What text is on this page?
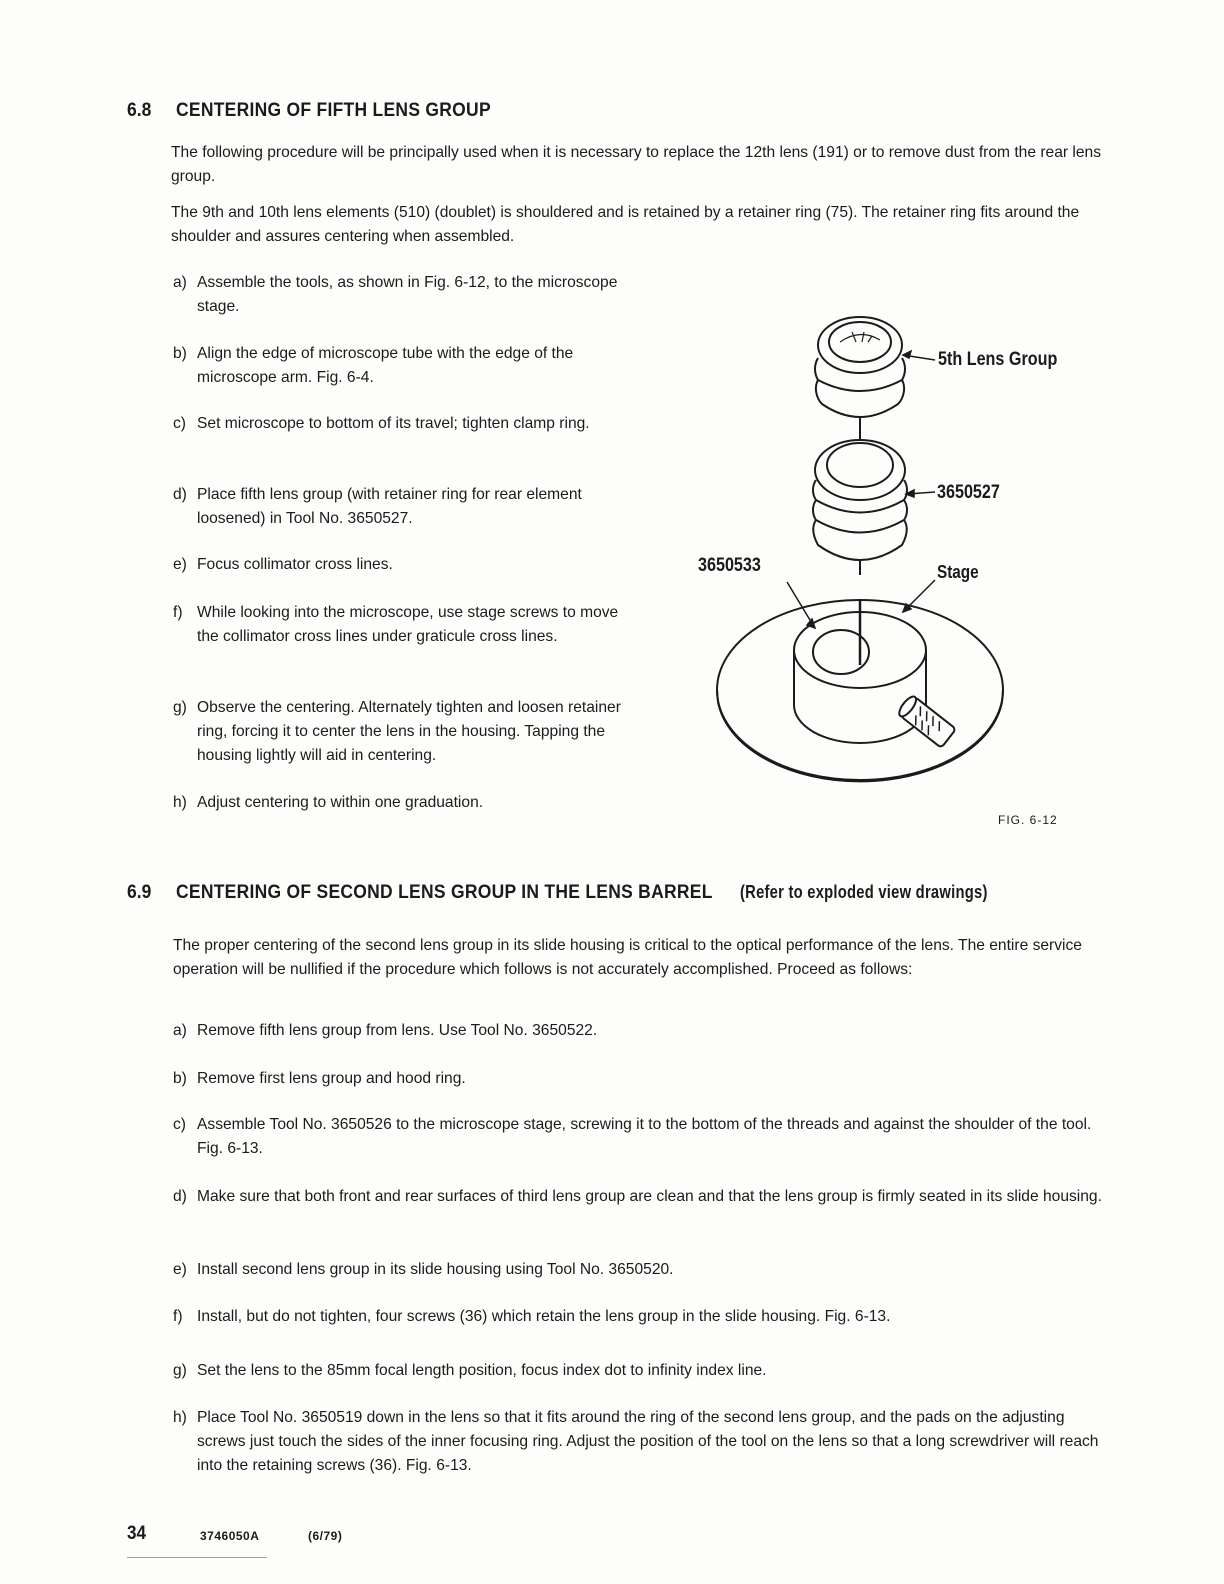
6.8 CENTERING OF FIFTH LENS GROUP
The following procedure will be principally used when it is necessary to replace the 12th lens (191) or to remove dust from the rear lens group.
The 9th and 10th lens elements (510) (doublet) is shouldered and is retained by a retainer ring (75). The retainer ring fits around the shoulder and assures centering when assembled.
a) Assemble the tools, as shown in Fig. 6-12, to the microscope stage.
b) Align the edge of microscope tube with the edge of the microscope arm. Fig. 6-4.
c) Set microscope to bottom of its travel; tighten clamp ring.
d) Place fifth lens group (with retainer ring for rear element loosened) in Tool No. 3650527.
e) Focus collimator cross lines.
f) While looking into the microscope, use stage screws to move the collimator cross lines under graticule cross lines.
g) Observe the centering. Alternately tighten and loosen retainer ring, forcing it to center the lens in the housing. Tapping the housing lightly will aid in centering.
h) Adjust centering to within one graduation.
5th Lens Group
3650527
3650533	Stage
FIG. 6-12
6.9 CENTERING OF SECOND LENS GROUP IN THE LENS BARREL (Refer to exploded view drawings)
The proper centering of the second lens group in its slide housing is critical to the optical performance of the lens. The entire service operation will be nullified if the procedure which follows is not accurately accomplished. Proceed as follows:
a) Remove fifth lens group from lens. Use Tool No. 3650522.
b) Remove first lens group and hood ring.
c) Assemble Tool No. 3650526 to the microscope stage, screwing it to the bottom of the threads and against the shoulder of the tool. Fig. 6-13.
d) Make sure that both front and rear surfaces of third lens group are clean and that the lens group is firmly seated in its slide housing.
e) Install second lens group in its slide housing using Tool No. 3650520.
f) Install, but do not tighten, four screws (36) which retain the lens group in the slide housing. Fig. 6-13.
g) Set the lens to the 85mm focal length position, focus index dot to infinity index line.
h) Place Tool No. 3650519 down in the lens so that it fits around the ring of the second lens group, and the pads on the adjusting screws just touch the sides of the inner focusing ring. Adjust the position of the tool on the lens so that a long screwdriver will reach into the retaining screws (36). Fig. 6-13.
34	3746050A	(6/79)
